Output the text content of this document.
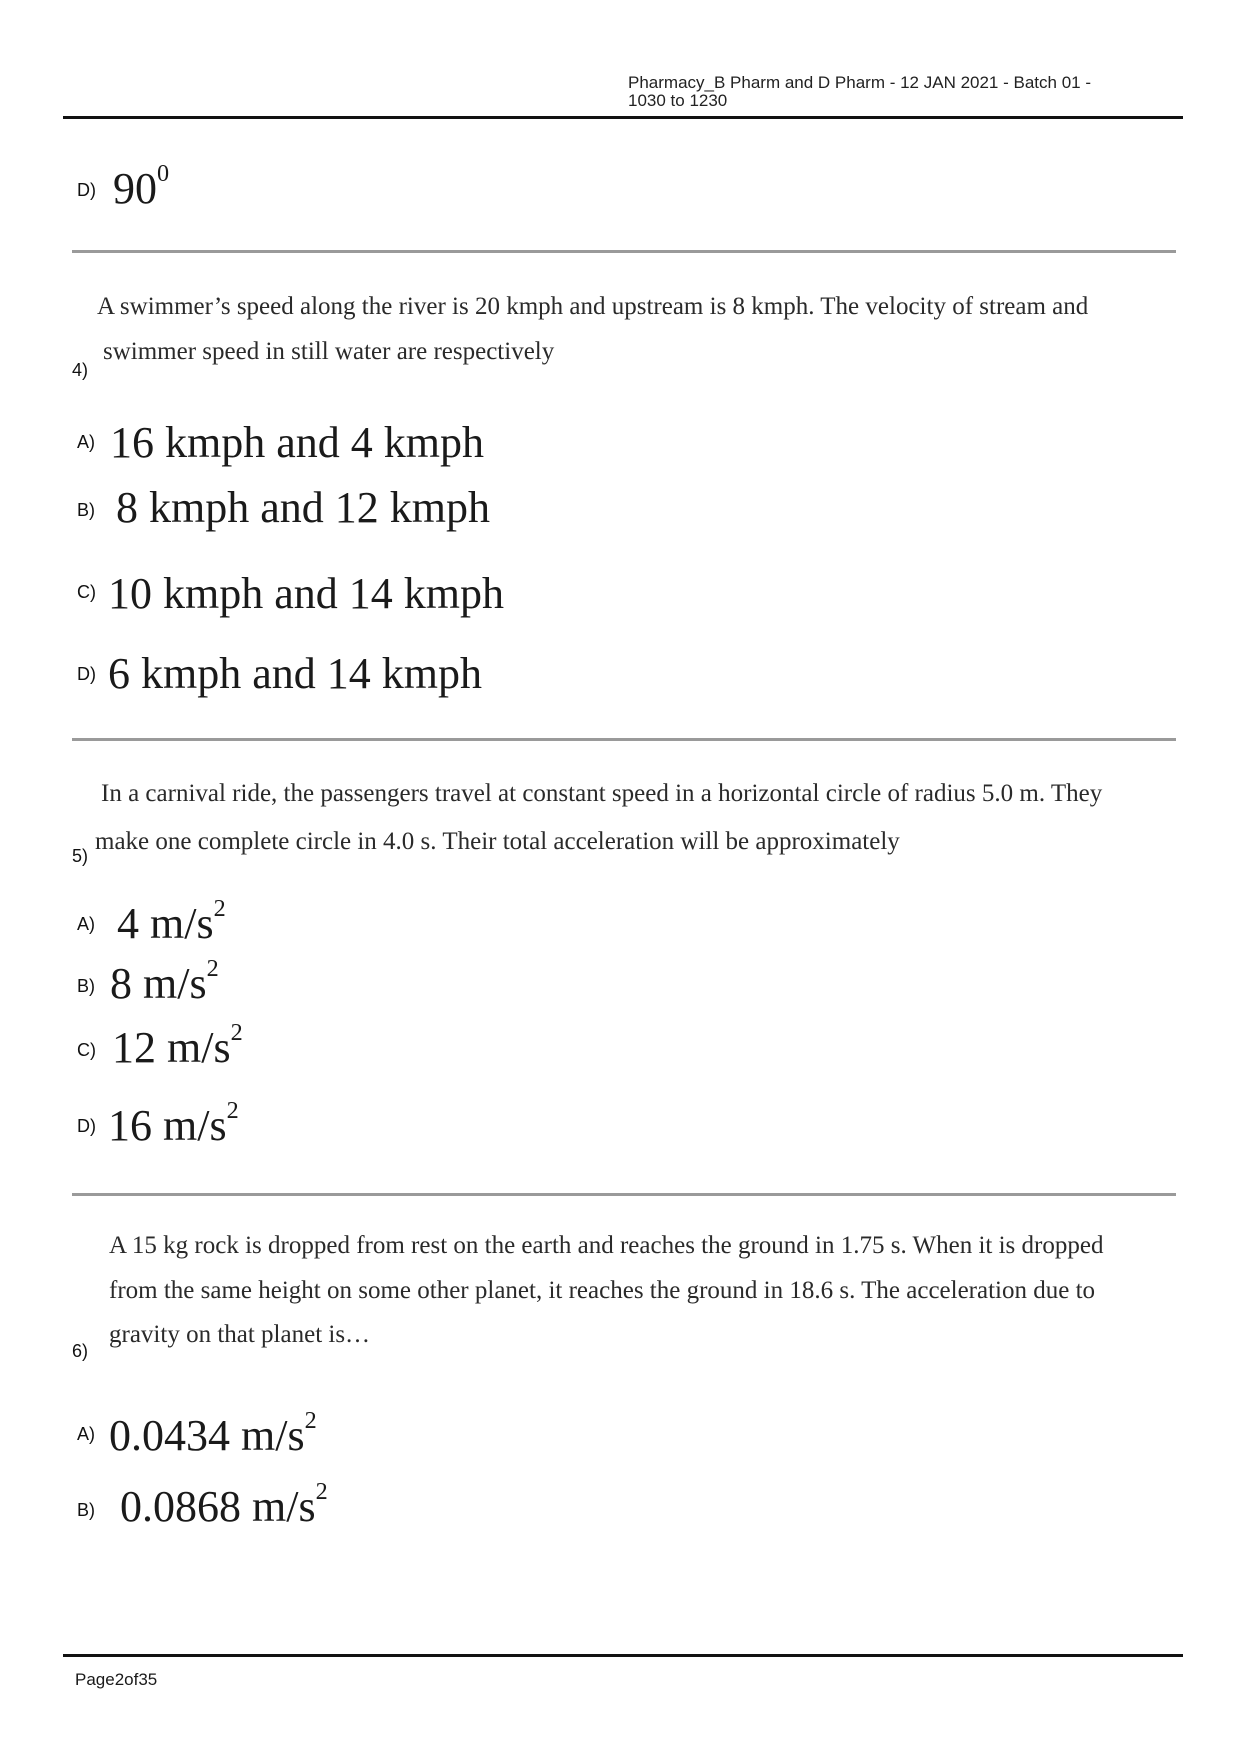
Pharmacy_B Pharm and D Pharm - 12 JAN 2021 - Batch 01 -
1030 to 1230
D) $90^0$
A swimmer’s speed along the river is 20 kmph and upstream is 8 kmph. The velocity of stream and
swimmer speed in still water are respectively
4)
A) 16 kmph and 4 kmph
B) 8 kmph and 12 kmph
C) 10 kmph and 14 kmph
D) 6 kmph and 14 kmph
In a carnival ride, the passengers travel at constant speed in a horizontal circle of radius 5.0 m. They
make one complete circle in 4.0 s. Their total acceleration will be approximately
5)
A) 4 $m/s^2$
B) 8 $m/s^2$
C) 12 $m/s^2$
D) 16 $m/s^2$
A 15 kg rock is dropped from rest on the earth and reaches the ground in 1.75 s. When it is dropped
from the same height on some other planet, it reaches the ground in 18.6 s. The acceleration due to
gravity on that planet is…
6)
A) 0.0434 $m/s^2$
B) 0.0868 $m/s^2$
Page2of35
